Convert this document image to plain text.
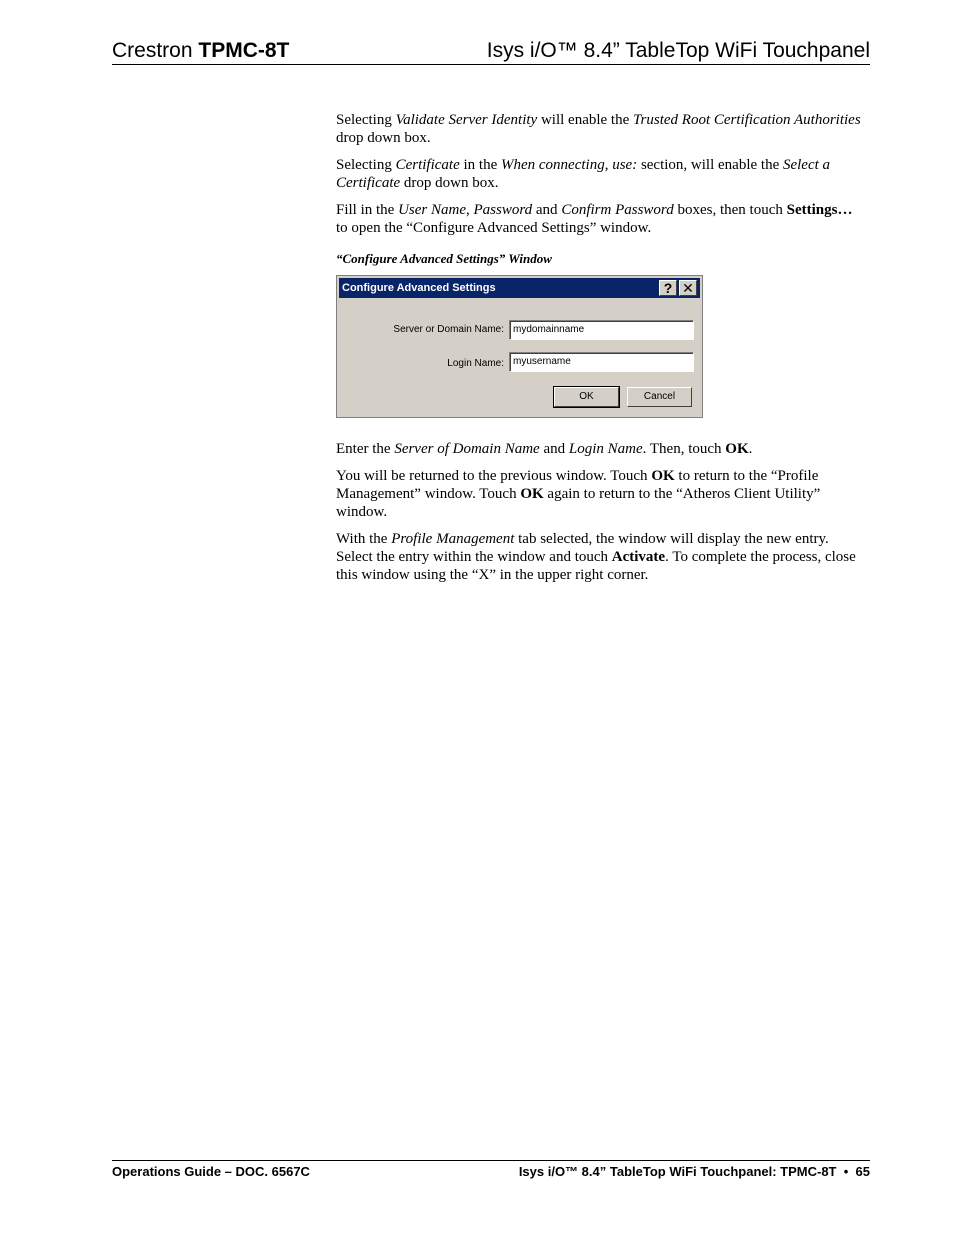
Crestron TPMC-8T	Isys i/O™ 8.4” TableTop WiFi Touchpanel

Selecting Validate Server Identity will enable the Trusted Root Certification Authorities drop down box.

Selecting Certificate in the When connecting, use: section, will enable the Select a Certificate drop down box.

Fill in the User Name, Password and Confirm Password boxes, then touch Settings… to open the “Configure Advanced Settings” window.

“Configure Advanced Settings” Window

Configure Advanced Settings	? ✕
Server or Domain Name: mydomainname
Login Name: myusername
OK	Cancel

Enter the Server of Domain Name and Login Name. Then, touch OK.

You will be returned to the previous window. Touch OK to return to the “Profile Management” window. Touch OK again to return to the “Atheros Client Utility” window.

With the Profile Management tab selected, the window will display the new entry. Select the entry within the window and touch Activate. To complete the process, close this window using the “X” in the upper right corner.

Operations Guide – DOC. 6567C	Isys i/O™ 8.4” TableTop WiFi Touchpanel: TPMC-8T • 65
